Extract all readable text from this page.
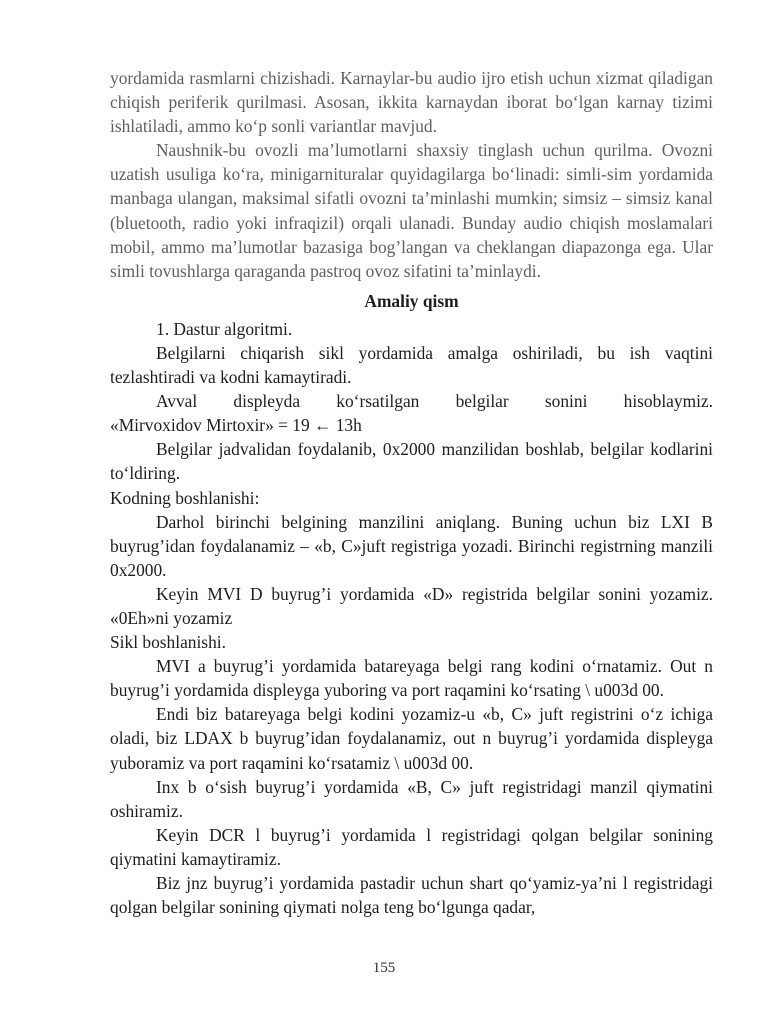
yordamida rasmlarni chizishadi. Karnaylar-bu audio ijro etish uchun xizmat qiladigan chiqish periferik qurilmasi. Asosan, ikkita karnaydan iborat bo‘lgan karnay tizimi ishlatiladi, ammo ko‘p sonli variantlar mavjud.

Naushnik-bu ovozli ma’lumotlarni shaxsiy tinglash uchun qurilma. Ovozni uzatish usuliga ko‘ra, minigarnituralar quyidagilarga bo‘linadi: simli-sim yordamida manbaga ulangan, maksimal sifatli ovozni ta’minlashi mumkin; simsiz – simsiz kanal (bluetooth, radio yoki infraqizil) orqali ulanadi. Bunday audio chiqish moslamalari mobil, ammo ma’lumotlar bazasiga bog’langan va cheklangan diapazonga ega. Ular simli tovushlarga qaraganda pastroq ovoz sifatini ta’minlaydi.

Amaliy qism

1. Dastur algoritmi.

Belgilarni chiqarish sikl yordamida amalga oshiriladi, bu ish vaqtini tezlashtiradi va kodni kamaytiradi.

Avval displeyda ko‘rsatilgan belgilar sonini hisoblaymiz.

«Mirvoxidov Mirtoxir» = 19 ← 13h

Belgilar jadvalidan foydalanib, 0x2000 manzilidan boshlab, belgilar kodlarini to‘ldiring.

Kodning boshlanishi:

Darhol birinchi belgining manzilini aniqlang. Buning uchun biz LXI B buyrug’idan foydalanamiz – «b, C»juft registriga yozadi. Birinchi registrning manzili 0x2000.

Keyin MVI D buyrug’i yordamida «D» registrida belgilar sonini yozamiz. «0Eh»ni yozamiz

Sikl boshlanishi.

MVI a buyrug’i yordamida batareyaga belgi rang kodini o‘rnatamiz. Out n buyrug’i yordamida displeyga yuboring va port raqamini ko‘rsating \ u003d 00.

Endi biz batareyaga belgi kodini yozamiz-u «b, C» juft registrini o‘z ichiga oladi, biz LDAX b buyrug’idan foydalanamiz, out n buyrug’i yordamida displeyga yuboramiz va port raqamini ko‘rsatamiz \ u003d 00.

Inx b o‘sish buyrug’i yordamida «B, C» juft registridagi manzil qiymatini oshiramiz.

Keyin DCR l buyrug’i yordamida l registridagi qolgan belgilar sonining qiymatini kamaytiramiz.

Biz jnz buyrug’i yordamida pastadir uchun shart qo‘yamiz-ya’ni l registridagi qolgan belgilar sonining qiymati nolga teng bo‘lgunga qadar,

155
